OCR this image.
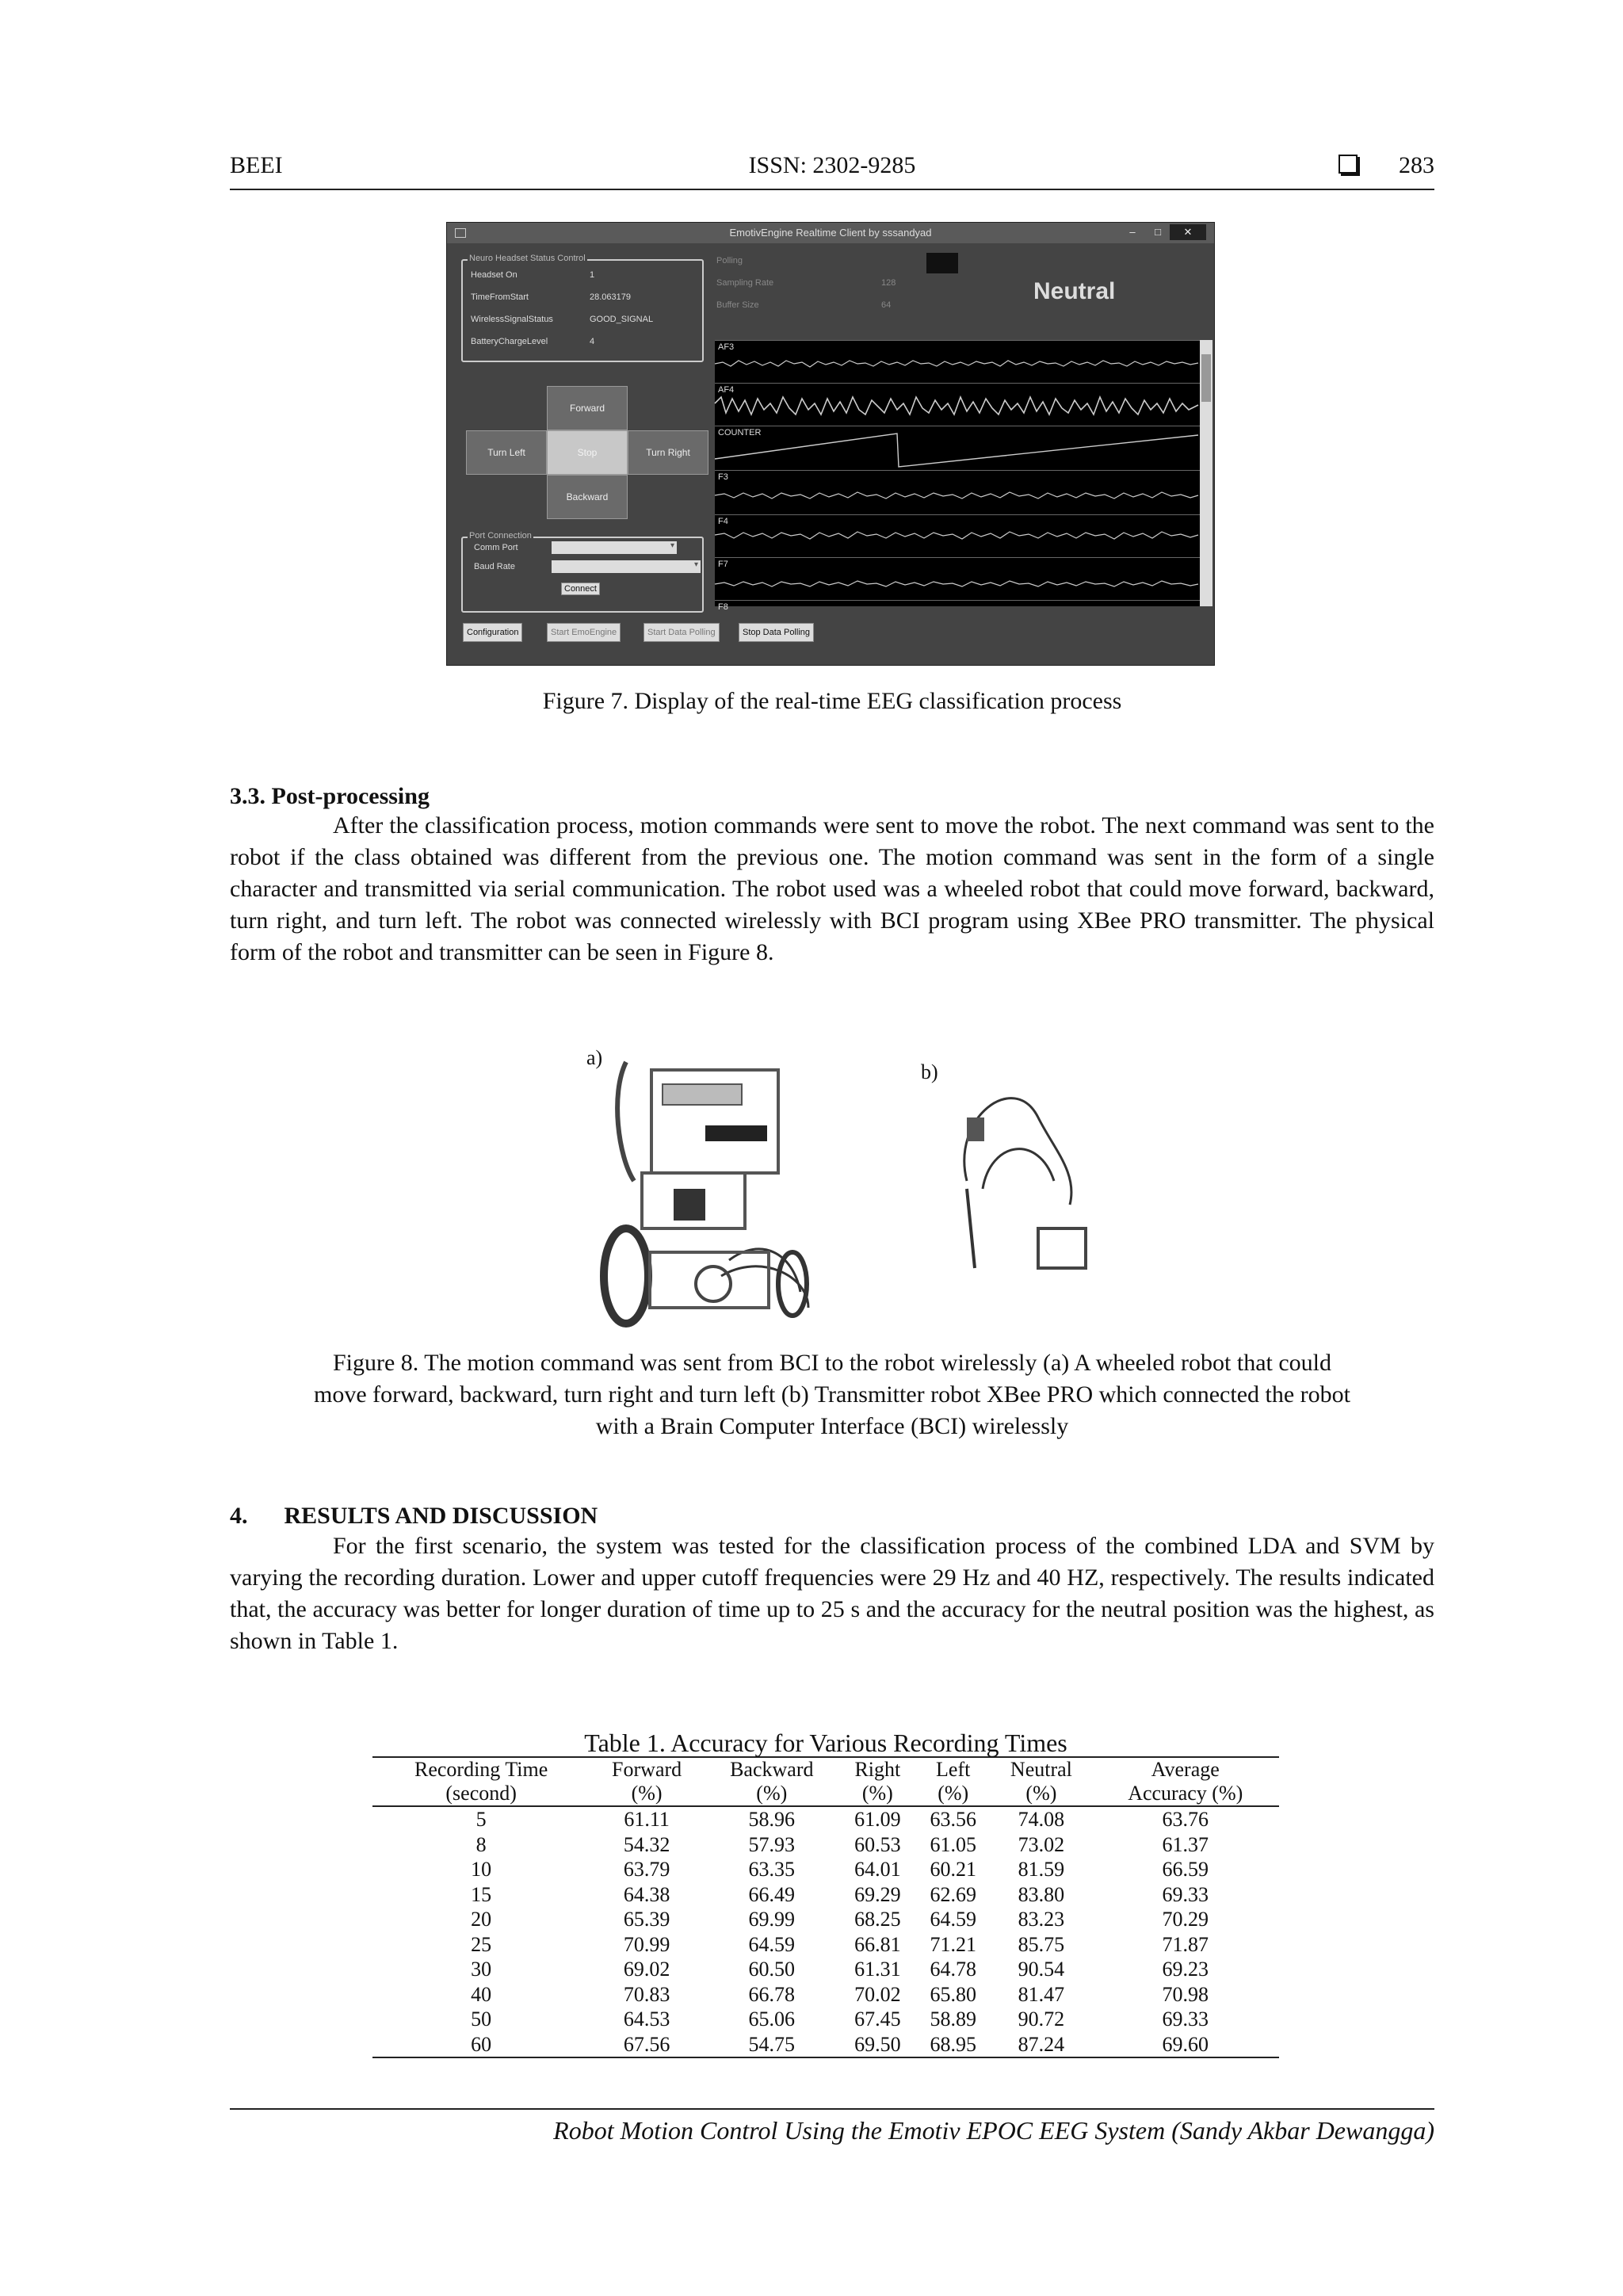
BEEI	ISSN: 2302-9285	283
EmotivEngine Realtime Client by sssandyad	–	□	✕
Neuro Headset Status Control
Headset On	1
TimeFromStart	28.063179
WirelessSignalStatus	GOOD_SIGNAL
BatteryChargeLevel	4
Polling
Sampling Rate	128
Buffer Size	64
Neutral
Forward
Turn Left	Stop	Turn Right
Backward
Port Connection
Comm Port	▾
Baud Rate	▾
Connect
AF3
AF4
COUNTER
F3
F4
F7
F8
Configuration	Start EmoEngine	Start Data Polling	Stop Data Polling
Figure 7. Display of the real-time EEG classification process
3.3. Post-processing
After the classification process, motion commands were sent to move the robot. The next command was sent to the robot if the class obtained was different from the previous one. The motion command was sent in the form of a single character and transmitted via serial communication. The robot used was a wheeled robot that could move forward, backward, turn right, and turn left. The robot was connected wirelessly with BCI program using XBee PRO transmitter. The physical form of the robot and transmitter can be seen in Figure 8.
a)
b)
Figure 8. The motion command was sent from BCI to the robot wirelessly (a) A wheeled robot that could
move forward, backward, turn right and turn left (b) Transmitter robot XBee PRO which connected the robot
with a Brain Computer Interface (BCI) wirelessly
4. RESULTS AND DISCUSSION
For the first scenario, the system was tested for the classification process of the combined LDA and SVM by varying the recording duration. Lower and upper cutoff frequencies were 29 Hz and 40 HZ, respectively. The results indicated that, the accuracy was better for longer duration of time up to 25 s and the accuracy for the neutral position was the highest, as shown in Table 1.
Table 1. Accuracy for Various Recording Times
Recording Time	Forward	Backward	Right	Left	Neutral	Average
(second)	(%)	(%)	(%)	(%)	(%)	Accuracy (%)
5	61.11	58.96	61.09	63.56	74.08	63.76
8	54.32	57.93	60.53	61.05	73.02	61.37
10	63.79	63.35	64.01	60.21	81.59	66.59
15	64.38	66.49	69.29	62.69	83.80	69.33
20	65.39	69.99	68.25	64.59	83.23	70.29
25	70.99	64.59	66.81	71.21	85.75	71.87
30	69.02	60.50	61.31	64.78	90.54	69.23
40	70.83	66.78	70.02	65.80	81.47	70.98
50	64.53	65.06	67.45	58.89	90.72	69.33
60	67.56	54.75	69.50	68.95	87.24	69.60
Robot Motion Control Using the Emotiv EPOC EEG System (Sandy Akbar Dewangga)
